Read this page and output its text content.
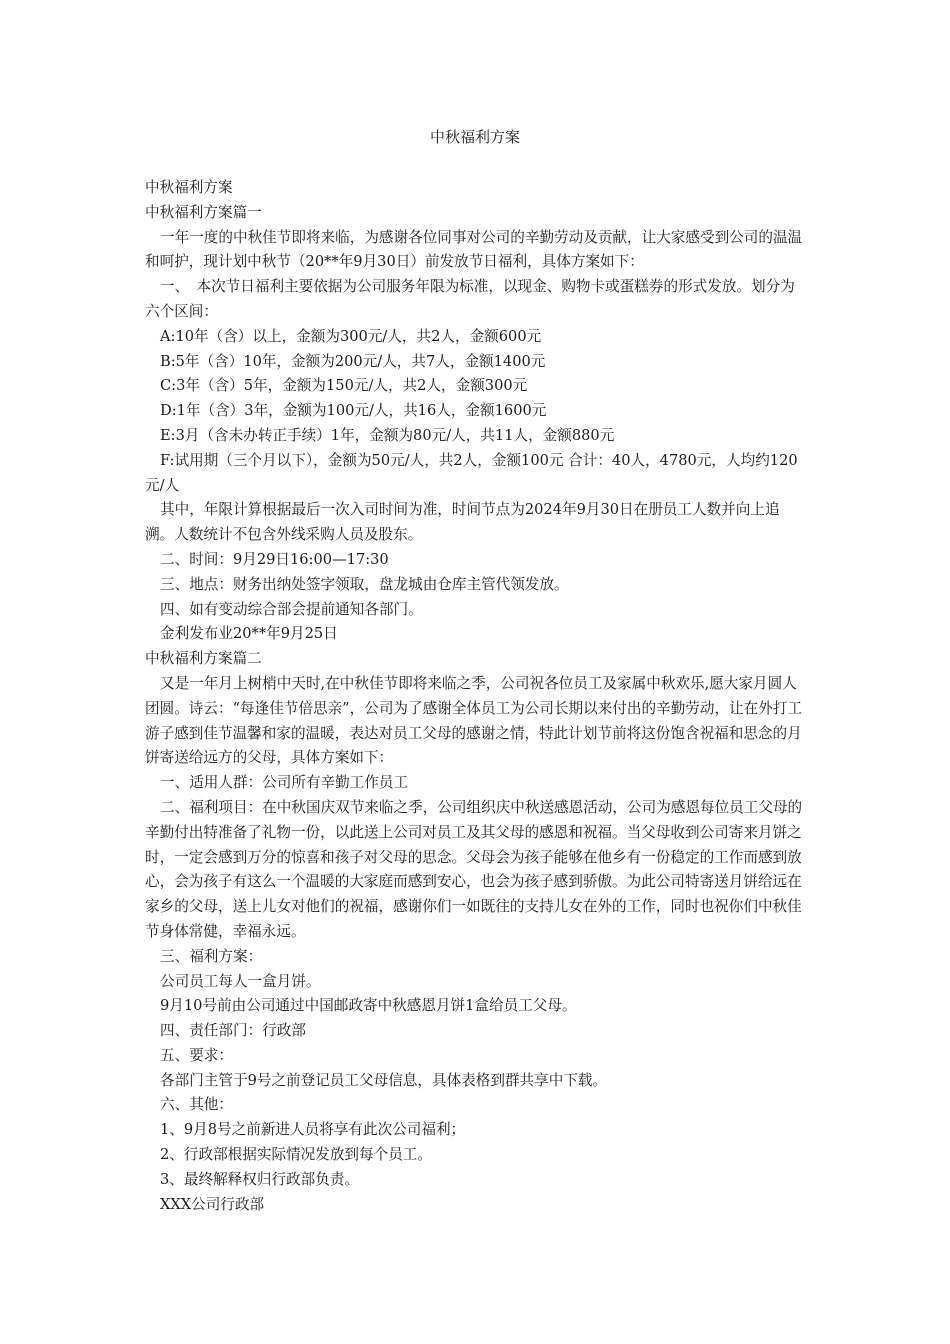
中秋福利方案

中秋福利方案

中秋福利方案篇一

一年一度的中秋佳节即将来临，为感谢各位同事对公司的辛勤劳动及贡献，让大家感受到公司的温温和呵护，现计划中秋节（20**年9月30日）前发放节日福利，具体方案如下：

一、　本次节日福利主要依据为公司服务年限为标准，以现金、购物卡或蛋糕券的形式发放。划分为六个区间：

A:10年（含）以上，金额为300元/人，共2人，金额600元

B:5年（含）10年，金额为200元/人，共7人，金额1400元

C:3年（含）5年，金额为150元/人，共2人，金额300元

D:1年（含）3年，金额为100元/人，共16人，金额1600元

E:3月（含未办转正手续）1年，金额为80元/人，共11人，金额880元

F:试用期（三个月以下），金额为50元/人，共2人，金额100元 合计：40人，4780元，人均约120元/人

其中，年限计算根据最后一次入司时间为准，时间节点为2024年9月30日在册员工人数并向上追溯。人数统计不包含外线采购人员及股东。

二、时间：9月29日16:00—17:30

三、地点：财务出纳处签字领取，盘龙城由仓库主管代领发放。

四、如有变动综合部会提前通知各部门。

金利发布业20**年9月25日

中秋福利方案篇二

又是一年月上树梢中天时,在中秋佳节即将来临之季，公司祝各位员工及家属中秋欢乐,愿大家月圆人团圆。诗云：“每逢佳节倍思亲”，公司为了感谢全体员工为公司长期以来付出的辛勤劳动，让在外打工游子感到佳节温馨和家的温暖，表达对员工父母的感谢之情，特此计划节前将这份饱含祝福和思念的月饼寄送给远方的父母，具体方案如下：

一、适用人群：公司所有辛勤工作员工

二、福利项目：在中秋国庆双节来临之季，公司组织庆中秋送感恩活动，公司为感恩每位员工父母的辛勤付出特准备了礼物一份，以此送上公司对员工及其父母的感恩和祝福。当父母收到公司寄来月饼之时，一定会感到万分的惊喜和孩子对父母的思念。父母会为孩子能够在他乡有一份稳定的工作而感到放心，会为孩子有这么一个温暖的大家庭而感到安心，也会为孩子感到骄傲。为此公司特寄送月饼给远在家乡的父母，送上儿女对他们的祝福，感谢你们一如既往的支持儿女在外的工作，同时也祝你们中秋佳节身体常健，幸福永远。

三、福利方案：

公司员工每人一盒月饼。

9月10号前由公司通过中国邮政寄中秋感恩月饼1盒给员工父母。

四、责任部门：行政部

五、要求：

各部门主管于9号之前登记员工父母信息，具体表格到群共享中下载。

六、其他：

1、9月8号之前新进人员将享有此次公司福利；

2、行政部根据实际情况发放到每个员工。

3、最终解释权归行政部负责。

XXX公司行政部
